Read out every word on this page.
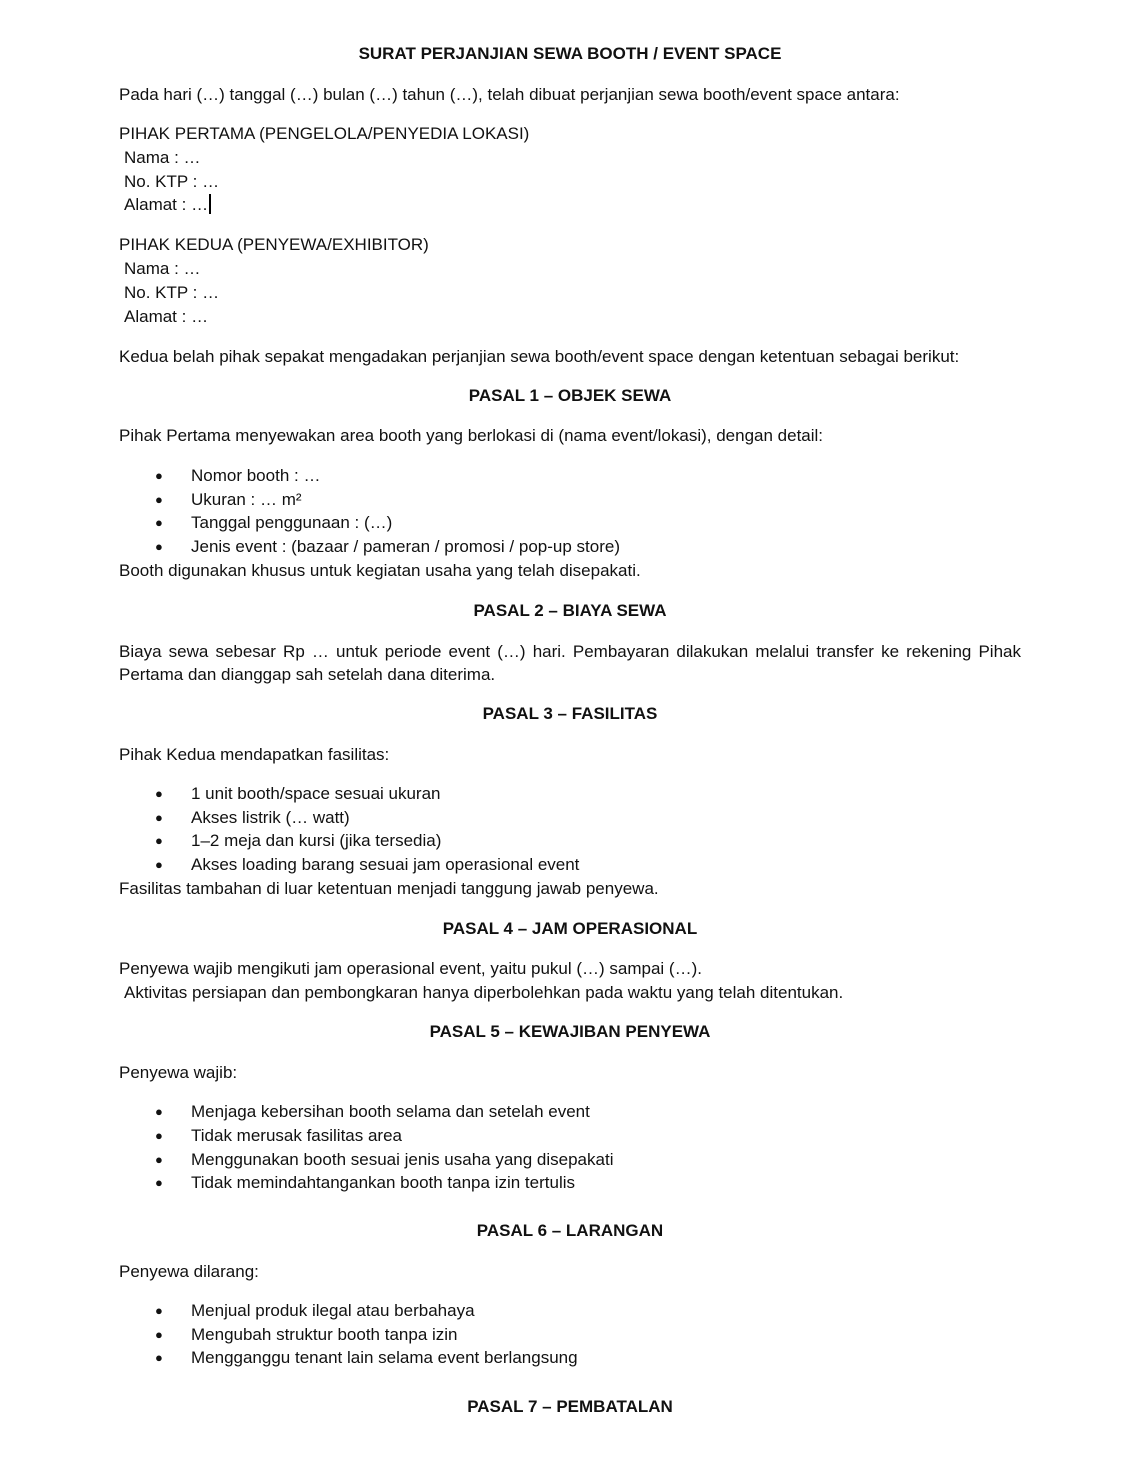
SURAT PERJANJIAN SEWA BOOTH / EVENT SPACE
Pada hari (…) tanggal (…) bulan (…) tahun (…), telah dibuat perjanjian sewa booth/event space antara:
PIHAK PERTAMA (PENGELOLA/PENYEDIA LOKASI)
Nama : …
No. KTP : …
Alamat : …
PIHAK KEDUA (PENYEWA/EXHIBITOR)
Nama : …
No. KTP : …
Alamat : …
Kedua belah pihak sepakat mengadakan perjanjian sewa booth/event space dengan ketentuan sebagai berikut:
PASAL 1 – OBJEK SEWA
Pihak Pertama menyewakan area booth yang berlokasi di (nama event/lokasi), dengan detail:
● Nomor booth : …
● Ukuran : … m²
● Tanggal penggunaan : (…)
● Jenis event : (bazaar / pameran / promosi / pop-up store)
Booth digunakan khusus untuk kegiatan usaha yang telah disepakati.
PASAL 2 – BIAYA SEWA
Biaya sewa sebesar Rp … untuk periode event (…) hari. Pembayaran dilakukan melalui transfer ke rekening Pihak Pertama dan dianggap sah setelah dana diterima.
PASAL 3 – FASILITAS
Pihak Kedua mendapatkan fasilitas:
● 1 unit booth/space sesuai ukuran
● Akses listrik (… watt)
● 1–2 meja dan kursi (jika tersedia)
● Akses loading barang sesuai jam operasional event
Fasilitas tambahan di luar ketentuan menjadi tanggung jawab penyewa.
PASAL 4 – JAM OPERASIONAL
Penyewa wajib mengikuti jam operasional event, yaitu pukul (…) sampai (…).
Aktivitas persiapan dan pembongkaran hanya diperbolehkan pada waktu yang telah ditentukan.
PASAL 5 – KEWAJIBAN PENYEWA
Penyewa wajib:
● Menjaga kebersihan booth selama dan setelah event
● Tidak merusak fasilitas area
● Menggunakan booth sesuai jenis usaha yang disepakati
● Tidak memindahtangankan booth tanpa izin tertulis
PASAL 6 – LARANGAN
Penyewa dilarang:
● Menjual produk ilegal atau berbahaya
● Mengubah struktur booth tanpa izin
● Mengganggu tenant lain selama event berlangsung
PASAL 7 – PEMBATALAN
